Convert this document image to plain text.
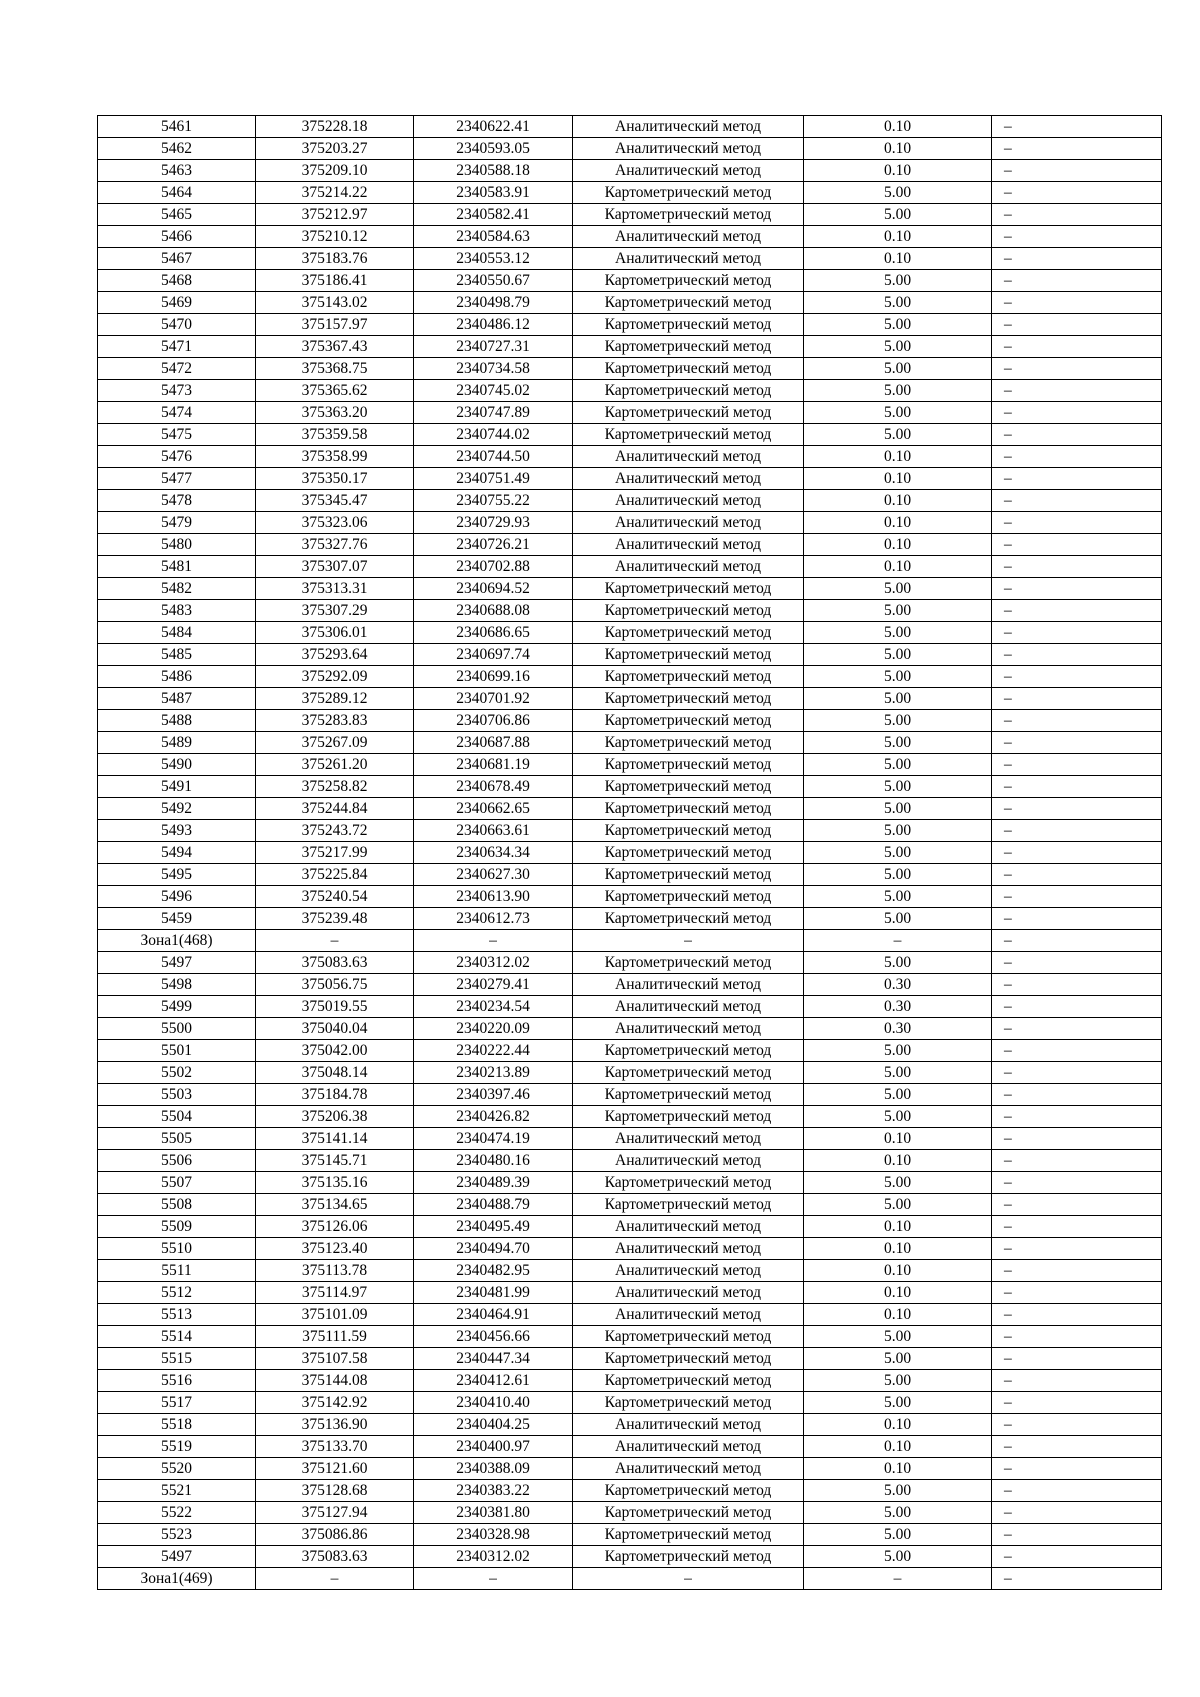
5461	375228.18	2340622.41	Аналитический метод	0.10	–
5462	375203.27	2340593.05	Аналитический метод	0.10	–
5463	375209.10	2340588.18	Аналитический метод	0.10	–
5464	375214.22	2340583.91	Картометрический метод	5.00	–
5465	375212.97	2340582.41	Картометрический метод	5.00	–
5466	375210.12	2340584.63	Аналитический метод	0.10	–
5467	375183.76	2340553.12	Аналитический метод	0.10	–
5468	375186.41	2340550.67	Картометрический метод	5.00	–
5469	375143.02	2340498.79	Картометрический метод	5.00	–
5470	375157.97	2340486.12	Картометрический метод	5.00	–
5471	375367.43	2340727.31	Картометрический метод	5.00	–
5472	375368.75	2340734.58	Картометрический метод	5.00	–
5473	375365.62	2340745.02	Картометрический метод	5.00	–
5474	375363.20	2340747.89	Картометрический метод	5.00	–
5475	375359.58	2340744.02	Картометрический метод	5.00	–
5476	375358.99	2340744.50	Аналитический метод	0.10	–
5477	375350.17	2340751.49	Аналитический метод	0.10	–
5478	375345.47	2340755.22	Аналитический метод	0.10	–
5479	375323.06	2340729.93	Аналитический метод	0.10	–
5480	375327.76	2340726.21	Аналитический метод	0.10	–
5481	375307.07	2340702.88	Аналитический метод	0.10	–
5482	375313.31	2340694.52	Картометрический метод	5.00	–
5483	375307.29	2340688.08	Картометрический метод	5.00	–
5484	375306.01	2340686.65	Картометрический метод	5.00	–
5485	375293.64	2340697.74	Картометрический метод	5.00	–
5486	375292.09	2340699.16	Картометрический метод	5.00	–
5487	375289.12	2340701.92	Картометрический метод	5.00	–
5488	375283.83	2340706.86	Картометрический метод	5.00	–
5489	375267.09	2340687.88	Картометрический метод	5.00	–
5490	375261.20	2340681.19	Картометрический метод	5.00	–
5491	375258.82	2340678.49	Картометрический метод	5.00	–
5492	375244.84	2340662.65	Картометрический метод	5.00	–
5493	375243.72	2340663.61	Картометрический метод	5.00	–
5494	375217.99	2340634.34	Картометрический метод	5.00	–
5495	375225.84	2340627.30	Картометрический метод	5.00	–
5496	375240.54	2340613.90	Картометрический метод	5.00	–
5459	375239.48	2340612.73	Картометрический метод	5.00	–
Зона1(468)	–	–	–	–	–
5497	375083.63	2340312.02	Картометрический метод	5.00	–
5498	375056.75	2340279.41	Аналитический метод	0.30	–
5499	375019.55	2340234.54	Аналитический метод	0.30	–
5500	375040.04	2340220.09	Аналитический метод	0.30	–
5501	375042.00	2340222.44	Картометрический метод	5.00	–
5502	375048.14	2340213.89	Картометрический метод	5.00	–
5503	375184.78	2340397.46	Картометрический метод	5.00	–
5504	375206.38	2340426.82	Картометрический метод	5.00	–
5505	375141.14	2340474.19	Аналитический метод	0.10	–
5506	375145.71	2340480.16	Аналитический метод	0.10	–
5507	375135.16	2340489.39	Картометрический метод	5.00	–
5508	375134.65	2340488.79	Картометрический метод	5.00	–
5509	375126.06	2340495.49	Аналитический метод	0.10	–
5510	375123.40	2340494.70	Аналитический метод	0.10	–
5511	375113.78	2340482.95	Аналитический метод	0.10	–
5512	375114.97	2340481.99	Аналитический метод	0.10	–
5513	375101.09	2340464.91	Аналитический метод	0.10	–
5514	375111.59	2340456.66	Картометрический метод	5.00	–
5515	375107.58	2340447.34	Картометрический метод	5.00	–
5516	375144.08	2340412.61	Картометрический метод	5.00	–
5517	375142.92	2340410.40	Картометрический метод	5.00	–
5518	375136.90	2340404.25	Аналитический метод	0.10	–
5519	375133.70	2340400.97	Аналитический метод	0.10	–
5520	375121.60	2340388.09	Аналитический метод	0.10	–
5521	375128.68	2340383.22	Картометрический метод	5.00	–
5522	375127.94	2340381.80	Картометрический метод	5.00	–
5523	375086.86	2340328.98	Картометрический метод	5.00	–
5497	375083.63	2340312.02	Картометрический метод	5.00	–
Зона1(469)	–	–	–	–	–
